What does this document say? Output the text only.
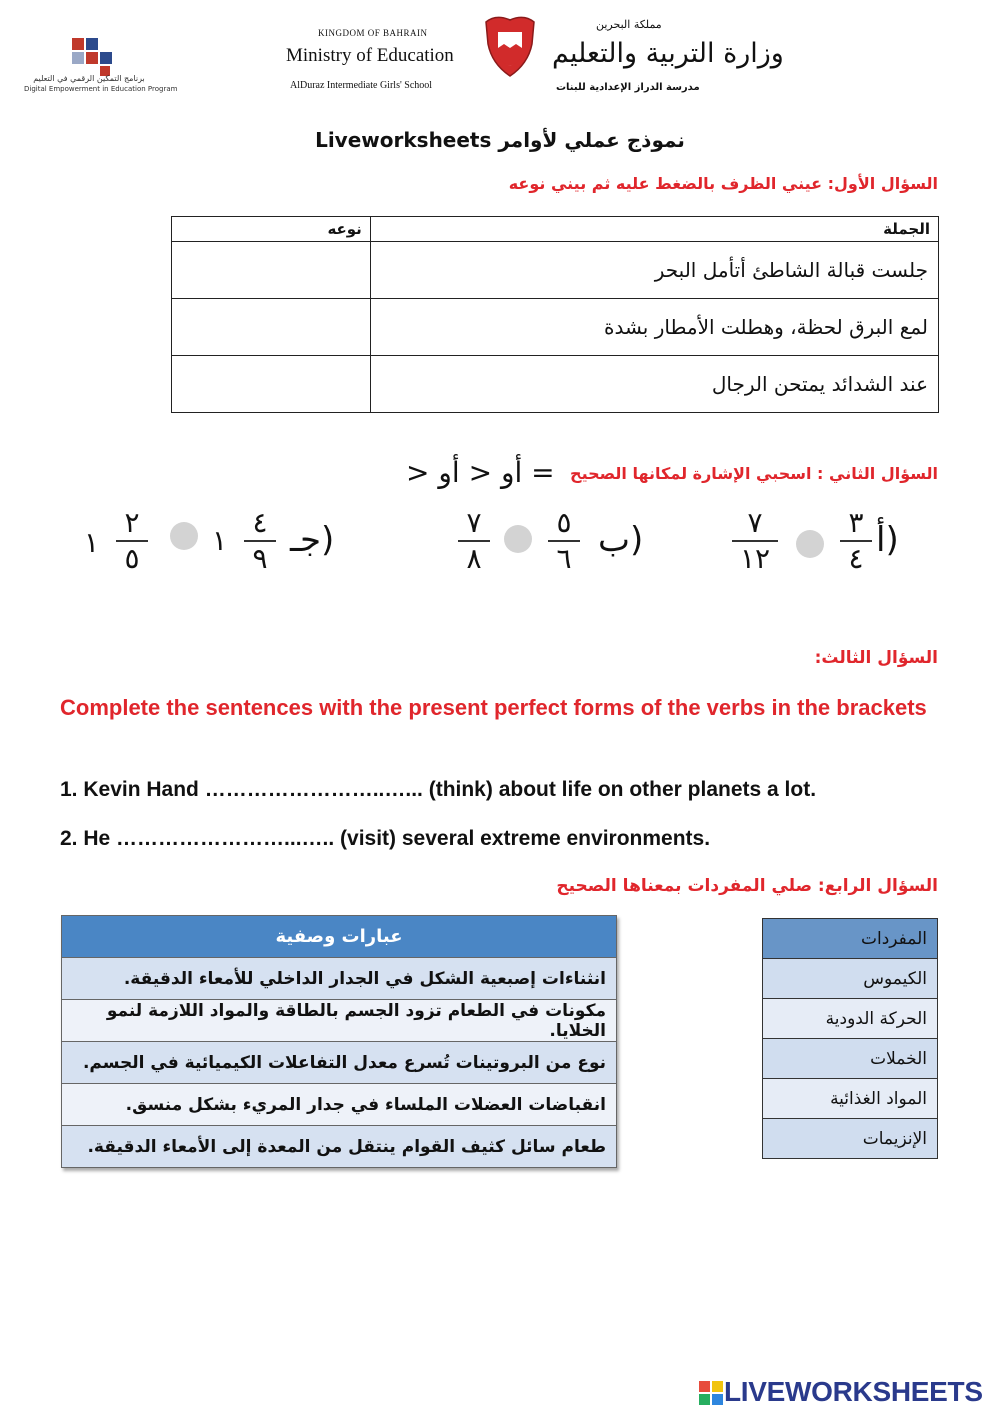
برنامج التمكين الرقمي في التعليم
Digital Empowerment in Education Program
KINGDOM OF BAHRAIN
Ministry of Education
AlDuraz Intermediate Girls' School
مملكة البحرين
وزارة التربية والتعليم
مدرسة الدراز الإعدادية للبنات
نموذج عملي لأوامر Liveworksheets
السؤال الأول: عيني الظرف بالضغط عليه ثم بيني نوعه
الجملة	نوعه
جلست قبالة الشاطئ أتأمل البحر	
لمع البرق لحظة، وهطلت الأمطار بشدة	
عند الشدائد يمتحن الرجال	
السؤال الثاني : اسحبي الإشارة لمكانها الصحيح
> أو < أو =
أ)
٣
٤
٧
١٢
ب)
٥
٦
٧
٨
جـ)
٤
٩
١
٢
٥
١
السؤال الثالث:
Complete the sentences with the present perfect forms of the verbs in the brackets
1. Kevin Hand ……………………..…... (think) about life on other planets a lot.
2. He ……………………...….. (visit) several extreme environments.
السؤال الرابع: صلي المفردات بمعناها الصحيح
عبارات وصفية
انثناءات إصبعية الشكل في الجدار الداخلي للأمعاء الدقيقة.
مكونات في الطعام تزود الجسم بالطاقة والمواد اللازمة لنمو الخلايا.
نوع من البروتينات تُسرع معدل التفاعلات الكيميائية في الجسم.
انقباضات العضلات الملساء في جدار المريء بشكل منسق.
طعام سائل كثيف القوام ينتقل من المعدة إلى الأمعاء الدقيقة.
المفردات
الكيموس
الحركة الدودية
الخملات
المواد الغذائية
الإنزيمات
LIVEWORKSHEETS
